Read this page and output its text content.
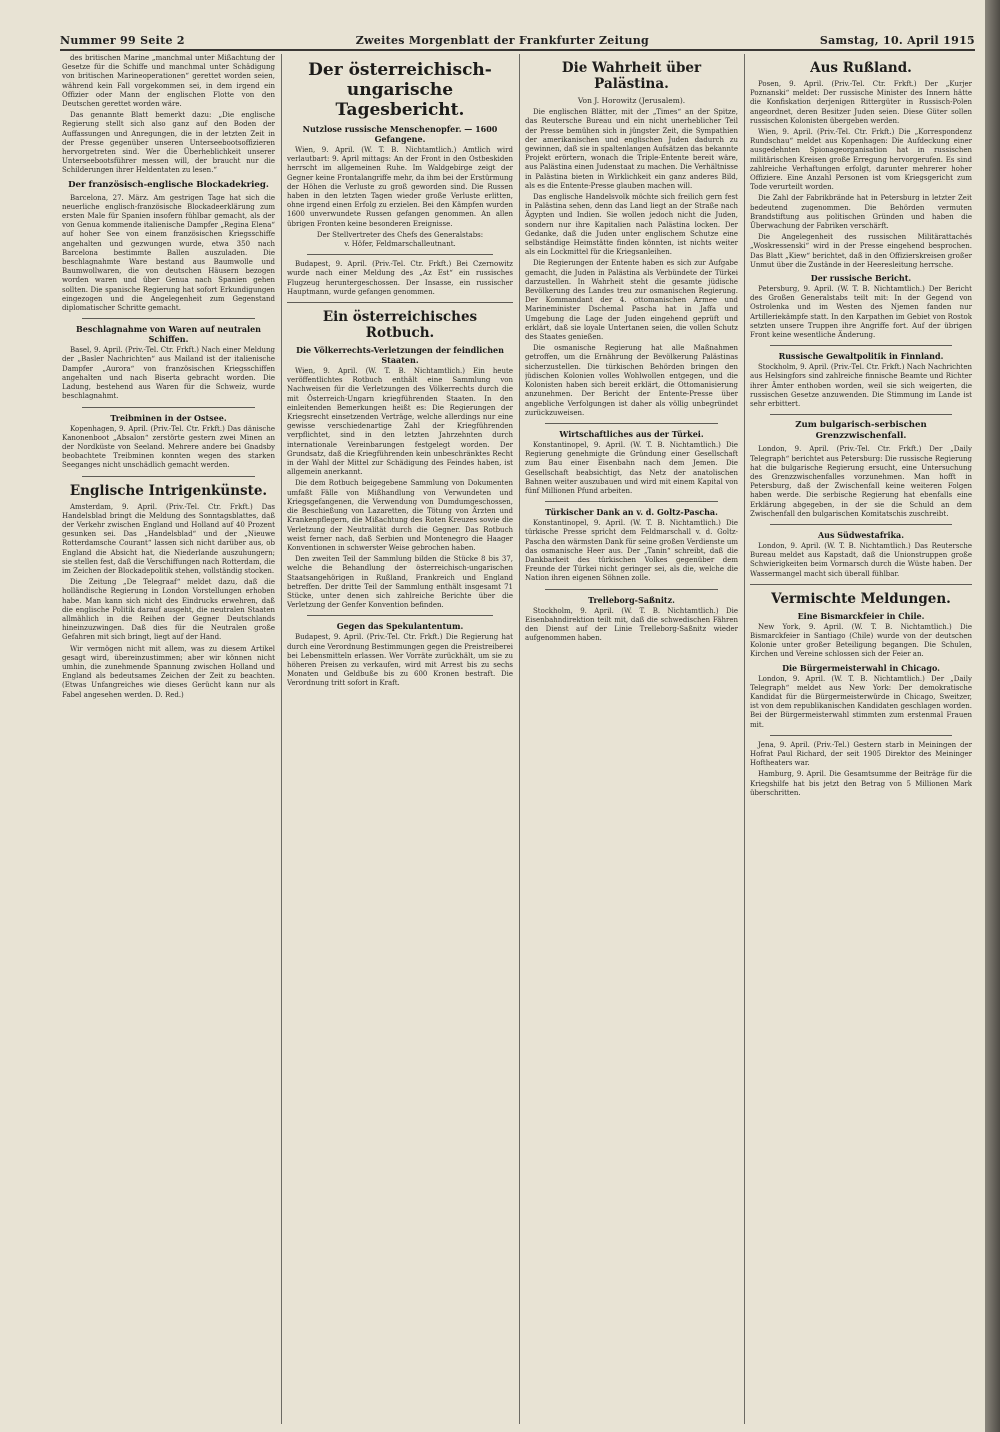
Nummer 99 Seite 2	Zweites Morgenblatt der Frankfurter Zeitung	Samstag, 10. April 1915

des britischen Marine „manchmal unter Mißachtung der Gesetze für die Schiffe und manchmal unter Schädigung von britischen Marineoperationen“ gerettet worden seien, während kein Fall vorgekommen sei, in dem irgend ein Offizier oder Mann der englischen Flotte von den Deutschen gerettet worden wäre.

Das genannte Blatt bemerkt dazu: „Die englische Regierung stellt sich also ganz auf den Boden der Auffassungen und Anregungen, die in der letzten Zeit in der Presse gegenüber unseren Unterseebootsoffizieren hervorgetreten sind. Wer die Überheblichkeit unserer Unterseebootsführer messen will, der braucht nur die Schilderungen ihrer Heldentaten zu lesen.“

Der französisch-englische Blockadekrieg.

Barcelona, 27. März. Am gestrigen Tage hat sich die neuerliche englisch-französische Blockadeerklärung zum ersten Male für Spanien insofern fühlbar gemacht, als der von Genua kommende italienische Dampfer „Regina Elena“ auf hoher See von einem französischen Kriegsschiffe angehalten und gezwungen wurde, etwa 350 nach Barcelona bestimmte Ballen auszuladen. Die beschlagnahmte Ware bestand aus Baumwolle und Baumwollwaren, die von deutschen Häusern bezogen worden waren und über Genua nach Spanien gehen sollten. Die spanische Regierung hat sofort Erkundigungen eingezogen und die Angelegenheit zum Gegenstand diplomatischer Schritte gemacht.

Beschlagnahme von Waren auf neutralen Schiffen.

Basel, 9. April. (Priv.-Tel. Ctr. Frkft.) Nach einer Meldung der „Basler Nachrichten“ aus Mailand ist der italienische Dampfer „Aurora“ von französischen Kriegsschiffen angehalten und nach Biserta gebracht worden. Die Ladung, bestehend aus Waren für die Schweiz, wurde beschlagnahmt.

Treibminen in der Ostsee.

Kopenhagen, 9. April. (Priv.-Tel. Ctr. Frkft.) Das dänische Kanonenboot „Absalon“ zerstörte gestern zwei Minen an der Nordküste von Seeland. Mehrere andere bei Gnadsby beobachtete Treibminen konnten wegen des starken Seeganges nicht unschädlich gemacht werden.

Englische Intrigenkünste.

Amsterdam, 9. April. (Priv.-Tel. Ctr. Frkft.) Das Handelsblad bringt die Meldung des Sonntagsblattes, daß der Verkehr zwischen England und Holland auf 40 Prozent gesunken sei. Das „Handelsblad“ und der „Nieuwe Rotterdamsche Courant“ lassen sich nicht darüber aus, ob England die Absicht hat, die Niederlande auszuhungern; sie stellen fest, daß die Verschiffungen nach Rotterdam, die im Zeichen der Blockadepolitik stehen, vollständig stocken.

Die Zeitung „De Telegraaf“ meldet dazu, daß die holländische Regierung in London Vorstellungen erhoben habe. Man kann sich nicht des Eindrucks erwehren, daß die englische Politik darauf ausgeht, die neutralen Staaten allmählich in die Reihen der Gegner Deutschlands hineinzuzwingen. Daß dies für die Neutralen große Gefahren mit sich bringt, liegt auf der Hand.

Wir vermögen nicht mit allem, was zu diesem Artikel gesagt wird, übereinzustimmen; aber wir können nicht umhin, die zunehmende Spannung zwischen Holland und England als bedeutsames Zeichen der Zeit zu beachten. (Etwas Unfangreiches wie dieses Gerücht kann nur als Fabel angesehen werden. D. Red.)

Der österreichisch-ungarische Tagesbericht.
Nutzlose russische Menschenopfer. — 1600 Gefangene.

Wien, 9. April. (W. T. B. Nichtamtlich.) Amtlich wird verlautbart: 9. April mittags: An der Front in den Ostbeskiden herrscht im allgemeinen Ruhe. Im Waldgebirge zeigt der Gegner keine Frontalangriffe mehr, da ihm bei der Erstürmung der Höhen die Verluste zu groß geworden sind. Die Russen haben in den letzten Tagen wieder große Verluste erlitten, ohne irgend einen Erfolg zu erzielen. Bei den Kämpfen wurden 1600 unverwundete Russen gefangen genommen. An allen übrigen Fronten keine besonderen Ereignisse.

Der Stellvertreter des Chefs des Generalstabs:
v. Höfer, Feldmarschalleutnant.

Budapest, 9. April. (Priv.-Tel. Ctr. Frkft.) Bei Czernowitz wurde nach einer Meldung des „Az Est“ ein russisches Flugzeug heruntergeschossen. Der Insasse, ein russischer Hauptmann, wurde gefangen genommen.

Ein österreichisches Rotbuch.
Die Völkerrechts-Verletzungen der feindlichen Staaten.

Wien, 9. April. (W. T. B. Nichtamtlich.) Ein heute veröffentlichtes Rotbuch enthält eine Sammlung von Nachweisen für die Verletzungen des Völkerrechts durch die mit Österreich-Ungarn kriegführenden Staaten. In den einleitenden Bemerkungen heißt es: Die Regierungen der Kriegsrecht einsetzenden Verträge, welche allerdings nur eine gewisse verschiedenartige Zahl der Kriegführenden verpflichtet, sind in den letzten Jahrzehnten durch internationale Vereinbarungen festgelegt worden. Der Grundsatz, daß die Kriegführenden kein unbeschränktes Recht in der Wahl der Mittel zur Schädigung des Feindes haben, ist allgemein anerkannt.

Die dem Rotbuch beigegebene Sammlung von Dokumenten umfaßt Fälle von Mißhandlung von Verwundeten und Kriegsgefangenen, die Verwendung von Dumdumgeschossen, die Beschießung von Lazaretten, die Tötung von Ärzten und Krankenpflegern, die Mißachtung des Roten Kreuzes sowie die Verletzung der Neutralität durch die Gegner. Das Rotbuch weist ferner nach, daß Serbien und Montenegro die Haager Konventionen in schwerster Weise gebrochen haben.

Den zweiten Teil der Sammlung bilden die Stücke 8 bis 37, welche die Behandlung der österreichisch-ungarischen Staatsangehörigen in Rußland, Frankreich und England betreffen. Der dritte Teil der Sammlung enthält insgesamt 71 Stücke, unter denen sich zahlreiche Berichte über die Verletzung der Genfer Konvention befinden.

Gegen das Spekulantentum.

Budapest, 9. April. (Priv.-Tel. Ctr. Frkft.) Die Regierung hat durch eine Verordnung Bestimmungen gegen die Preistreiberei bei Lebensmitteln erlassen. Wer Vorräte zurückhält, um sie zu höheren Preisen zu verkaufen, wird mit Arrest bis zu sechs Monaten und Geldbuße bis zu 600 Kronen bestraft. Die Verordnung tritt sofort in Kraft.

Die Wahrheit über Palästina.
Von J. Horowitz (Jerusalem).

Die englischen Blätter, mit der „Times“ an der Spitze, das Reutersche Bureau und ein nicht unerheblicher Teil der Presse bemühen sich in jüngster Zeit, die Sympathien der amerikanischen und englischen Juden dadurch zu gewinnen, daß sie in spaltenlangen Aufsätzen das bekannte Projekt erörtern, wonach die Triple-Entente bereit wäre, aus Palästina einen Judenstaat zu machen. Die Verhältnisse in Palästina bieten in Wirklichkeit ein ganz anderes Bild, als es die Entente-Presse glauben machen will.

Das englische Handelsvolk möchte sich freilich gern fest in Palästina sehen, denn das Land liegt an der Straße nach Ägypten und Indien. Sie wollen jedoch nicht die Juden, sondern nur ihre Kapitalien nach Palästina locken. Der Gedanke, daß die Juden unter englischem Schutze eine selbständige Heimstätte finden könnten, ist nichts weiter als ein Lockmittel für die Kriegsanleihen.

Die Regierungen der Entente haben es sich zur Aufgabe gemacht, die Juden in Palästina als Verbündete der Türkei darzustellen. In Wahrheit steht die gesamte jüdische Bevölkerung des Landes treu zur osmanischen Regierung. Der Kommandant der 4. ottomanischen Armee und Marineminister Dschemal Pascha hat in Jaffa und Umgebung die Lage der Juden eingehend geprüft und erklärt, daß sie loyale Untertanen seien, die vollen Schutz des Staates genießen.

Die osmanische Regierung hat alle Maßnahmen getroffen, um die Ernährung der Bevölkerung Palästinas sicherzustellen. Die türkischen Behörden bringen den jüdischen Kolonien volles Wohlwollen entgegen, und die Kolonisten haben sich bereit erklärt, die Ottomanisierung anzunehmen. Der Bericht der Entente-Presse über angebliche Verfolgungen ist daher als völlig unbegründet zurückzuweisen.

Wirtschaftliches aus der Türkei.

Konstantinopel, 9. April. (W. T. B. Nichtamtlich.) Die Regierung genehmigte die Gründung einer Gesellschaft zum Bau einer Eisenbahn nach dem Jemen. Die Gesellschaft beabsichtigt, das Netz der anatolischen Bahnen weiter auszubauen und wird mit einem Kapital von fünf Millionen Pfund arbeiten.

Türkischer Dank an v. d. Goltz-Pascha.

Konstantinopel, 9. April. (W. T. B. Nichtamtlich.) Die türkische Presse spricht dem Feldmarschall v. d. Goltz-Pascha den wärmsten Dank für seine großen Verdienste um das osmanische Heer aus. Der „Tanin“ schreibt, daß die Dankbarkeit des türkischen Volkes gegenüber dem Freunde der Türkei nicht geringer sei, als die, welche die Nation ihren eigenen Söhnen zolle.

Trelleborg-Saßnitz.

Stockholm, 9. April. (W. T. B. Nichtamtlich.) Die Eisenbahndirektion teilt mit, daß die schwedischen Fähren den Dienst auf der Linie Trelleborg-Saßnitz wieder aufgenommen haben.

Aus Rußland.

Posen, 9. April. (Priv.-Tel. Ctr. Frkft.) Der „Kurjer Poznanski“ meldet: Der russische Minister des Innern hätte die Konfiskation derjenigen Rittergüter in Russisch-Polen angeordnet, deren Besitzer Juden seien. Diese Güter sollen russischen Kolonisten übergeben werden.

Wien, 9. April. (Priv.-Tel. Ctr. Frkft.) Die „Korrespondenz Rundschau“ meldet aus Kopenhagen: Die Aufdeckung einer ausgedehnten Spionageorganisation hat in russischen militärischen Kreisen große Erregung hervorgerufen. Es sind zahlreiche Verhaftungen erfolgt, darunter mehrerer hoher Offiziere. Eine Anzahl Personen ist vom Kriegsgericht zum Tode verurteilt worden.

Die Zahl der Fabrikbrände hat in Petersburg in letzter Zeit bedeutend zugenommen. Die Behörden vermuten Brandstiftung aus politischen Gründen und haben die Überwachung der Fabriken verschärft.

Die Angelegenheit des russischen Militärattachés „Woskressenski“ wird in der Presse eingehend besprochen. Das Blatt „Kiew“ berichtet, daß in den Offizierskreisen großer Unmut über die Zustände in der Heeresleitung herrsche.

Der russische Bericht.

Petersburg, 9. April. (W. T. B. Nichtamtlich.) Der Bericht des Großen Generalstabs teilt mit: In der Gegend von Ostrolenka und im Westen des Njemen fanden nur Artilleriekämpfe statt. In den Karpathen im Gebiet von Rostok setzten unsere Truppen ihre Angriffe fort. Auf der übrigen Front keine wesentliche Änderung.

Russische Gewaltpolitik in Finnland.

Stockholm, 9. April. (Priv.-Tel. Ctr. Frkft.) Nach Nachrichten aus Helsingfors sind zahlreiche finnische Beamte und Richter ihrer Ämter enthoben worden, weil sie sich weigerten, die russischen Gesetze anzuwenden. Die Stimmung im Lande ist sehr erbittert.

Zum bulgarisch-serbischen Grenzzwischenfall.

London, 9. April. (Priv.-Tel. Ctr. Frkft.) Der „Daily Telegraph“ berichtet aus Petersburg: Die russische Regierung hat die bulgarische Regierung ersucht, eine Untersuchung des Grenzzwischenfalles vorzunehmen. Man hofft in Petersburg, daß der Zwischenfall keine weiteren Folgen haben werde. Die serbische Regierung hat ebenfalls eine Erklärung abgegeben, in der sie die Schuld an dem Zwischenfall den bulgarischen Komitatschis zuschreibt.

Aus Südwestafrika.

London, 9. April. (W. T. B. Nichtamtlich.) Das Reutersche Bureau meldet aus Kapstadt, daß die Unionstruppen große Schwierigkeiten beim Vormarsch durch die Wüste haben. Der Wassermangel macht sich überall fühlbar.

Vermischte Meldungen.
Eine Bismarckfeier in Chile.

New York, 9. April. (W. T. B. Nichtamtlich.) Die Bismarckfeier in Santiago (Chile) wurde von der deutschen Kolonie unter großer Beteiligung begangen. Die Schulen, Kirchen und Vereine schlossen sich der Feier an.

Die Bürgermeisterwahl in Chicago.

London, 9. April. (W. T. B. Nichtamtlich.) Der „Daily Telegraph“ meldet aus New York: Der demokratische Kandidat für die Bürgermeisterwürde in Chicago, Sweitzer, ist von dem republikanischen Kandidaten geschlagen worden. Bei der Bürgermeisterwahl stimmten zum erstenmal Frauen mit.

Jena, 9. April. (Priv.-Tel.) Gestern starb in Meiningen der Hofrat Paul Richard, der seit 1905 Direktor des Meininger Hoftheaters war.

Hamburg, 9. April. Die Gesamtsumme der Beiträge für die Kriegshilfe hat bis jetzt den Betrag von 5 Millionen Mark überschritten.
